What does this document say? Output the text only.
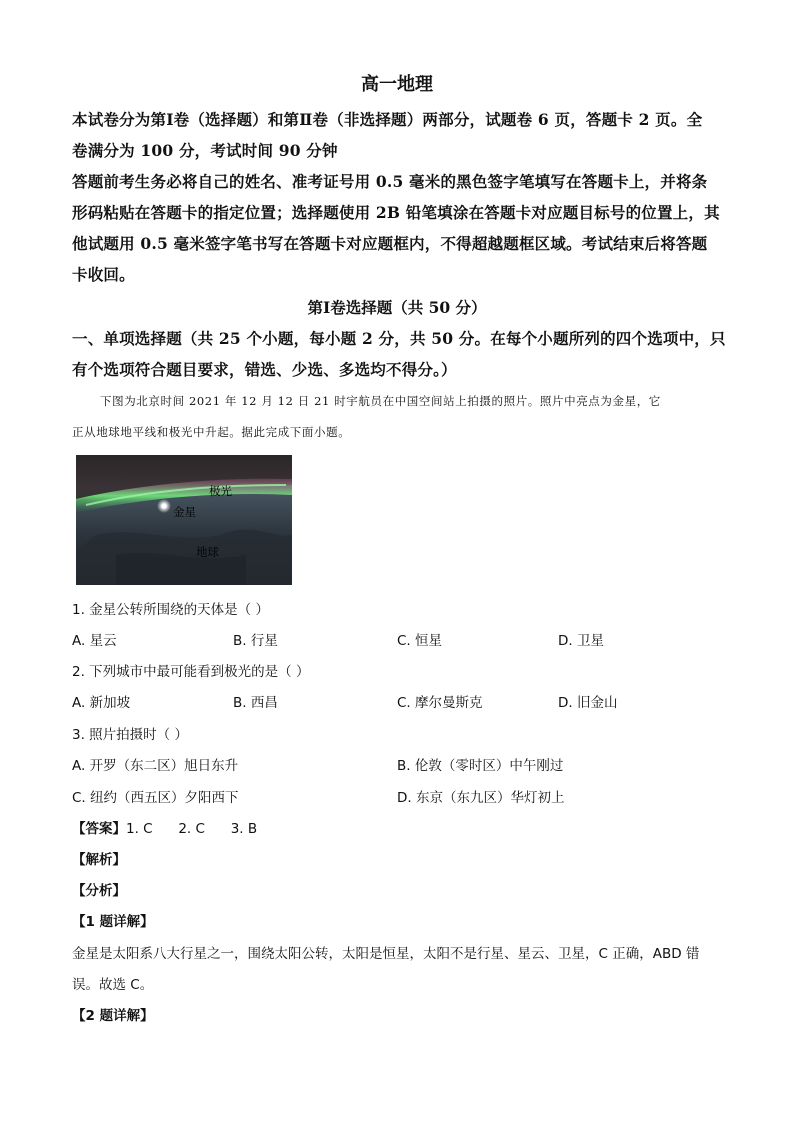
高一地理
本试卷分为第Ⅰ卷（选择题）和第Ⅱ卷（非选择题）两部分，试题卷 6 页，答题卡 2 页。全
卷满分为 100 分，考试时间 90 分钟
答题前考生务必将自己的姓名、准考证号用 0.5 毫米的黑色签字笔填写在答题卡上，并将条
形码粘贴在答题卡的指定位置；选择题使用 2B 铅笔填涂在答题卡对应题目标号的位置上，其
他试题用 0.5 毫米签字笔书写在答题卡对应题框内，不得超越题框区域。考试结束后将答题
卡收回。
第Ⅰ卷选择题（共 50 分）
一、单项选择题（共 25 个小题，每小题 2 分，共 50 分。在每个小题所列的四个选项中，只
有个选项符合题目要求，错选、少选、多选均不得分。）
下图为北京时间 2021 年 12 月 12 日 21 时宇航员在中国空间站上拍摄的照片。照片中亮点为金星，它
正从地球地平线和极光中升起。据此完成下面小题。
极光
金星
地球
1. 金星公转所围绕的天体是（ ）
A. 星云	B. 行星	C. 恒星	D. 卫星
2. 下列城市中最可能看到极光的是（ ）
A. 新加坡	B. 西昌	C. 摩尔曼斯克	D. 旧金山
3. 照片拍摄时（ ）
A. 开罗（东二区）旭日东升	B. 伦敦（零时区）中午刚过
C. 纽约（西五区）夕阳西下	D. 东京（东九区）华灯初上
【答案】1. C      2. C      3. B
【解析】
【分析】
【1 题详解】
金星是太阳系八大行星之一，围绕太阳公转，太阳是恒星，太阳不是行星、星云、卫星，C 正确，ABD 错
误。故选 C。
【2 题详解】
